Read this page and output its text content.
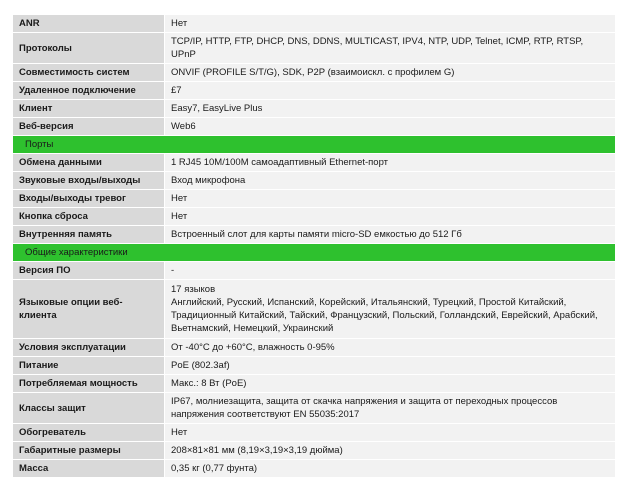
ANR	Нет
Протоколы	TCP/IP, HTTP, FTP, DHCP, DNS, DDNS, MULTICAST, IPV4, NTP, UDP, Telnet, ICMP, RTP, RTSP, UPnP
Совместимость систем	ONVIF (PROFILE S/T/G), SDK, P2P (взаимоискл. с профилем G)
Удаленное подключение	£7
Клиент	Easy7, EasyLive Plus
Веб-версия	Web6
Порты	
Обмена данными	1 RJ45 10M/100M самоадаптивный Ethernet-порт
Звуковые входы/выходы	Вход микрофона
Входы/выходы тревог	Нет
Кнопка сброса	Нет
Внутренняя память	Встроенный слот для карты памяти micro-SD емкостью до 512 Гб
Общие характеристики	
Версия ПО	-
Языковые опции веб-клиента	17 языков
Английский, Русский, Испанский, Корейский, Итальянский, Турецкий, Простой Китайский, Традиционный Китайский, Тайский, Французский, Польский, Голландский, Еврейский, Арабский, Вьетнамский, Немецкий, Украинский
Условия эксплуатации	От -40°C до +60°C, влажность 0-95%
Питание	PoE (802.3af)
Потребляемая мощность	Макс.: 8 Вт (PoE)
Классы защит	IP67, молниезащита, защита от скачка напряжения и защита от переходных процессов напряжения соответствуют EN 55035:2017
Обогреватель	Нет
Габаритные размеры	208×81×81 мм (8,19×3,19×3,19 дюйма)
Масса	0,35 кг (0,77 фунта)
